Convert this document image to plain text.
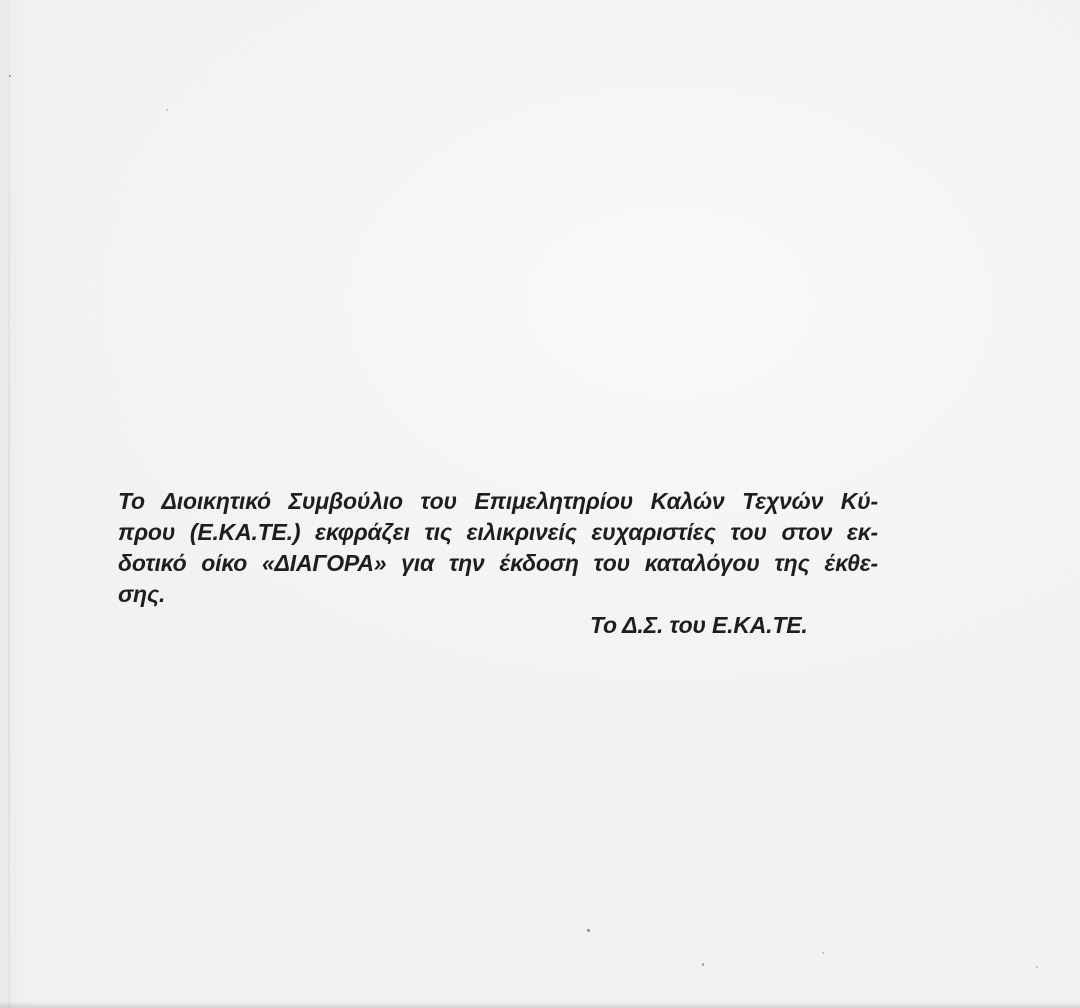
Το Διοικητικό Συμβούλιο του Επιμελητηρίου Καλών Τεχνών Κύ-
πρου (Ε.ΚΑ.ΤΕ.) εκφράζει τις ειλικρινείς ευχαριστίες του στον εκ-
δοτικό οίκο «ΔΙΑΓΟΡΑ» για την έκδοση του καταλόγου της έκθε-
σης.
Το Δ.Σ. του Ε.ΚΑ.ΤΕ.
